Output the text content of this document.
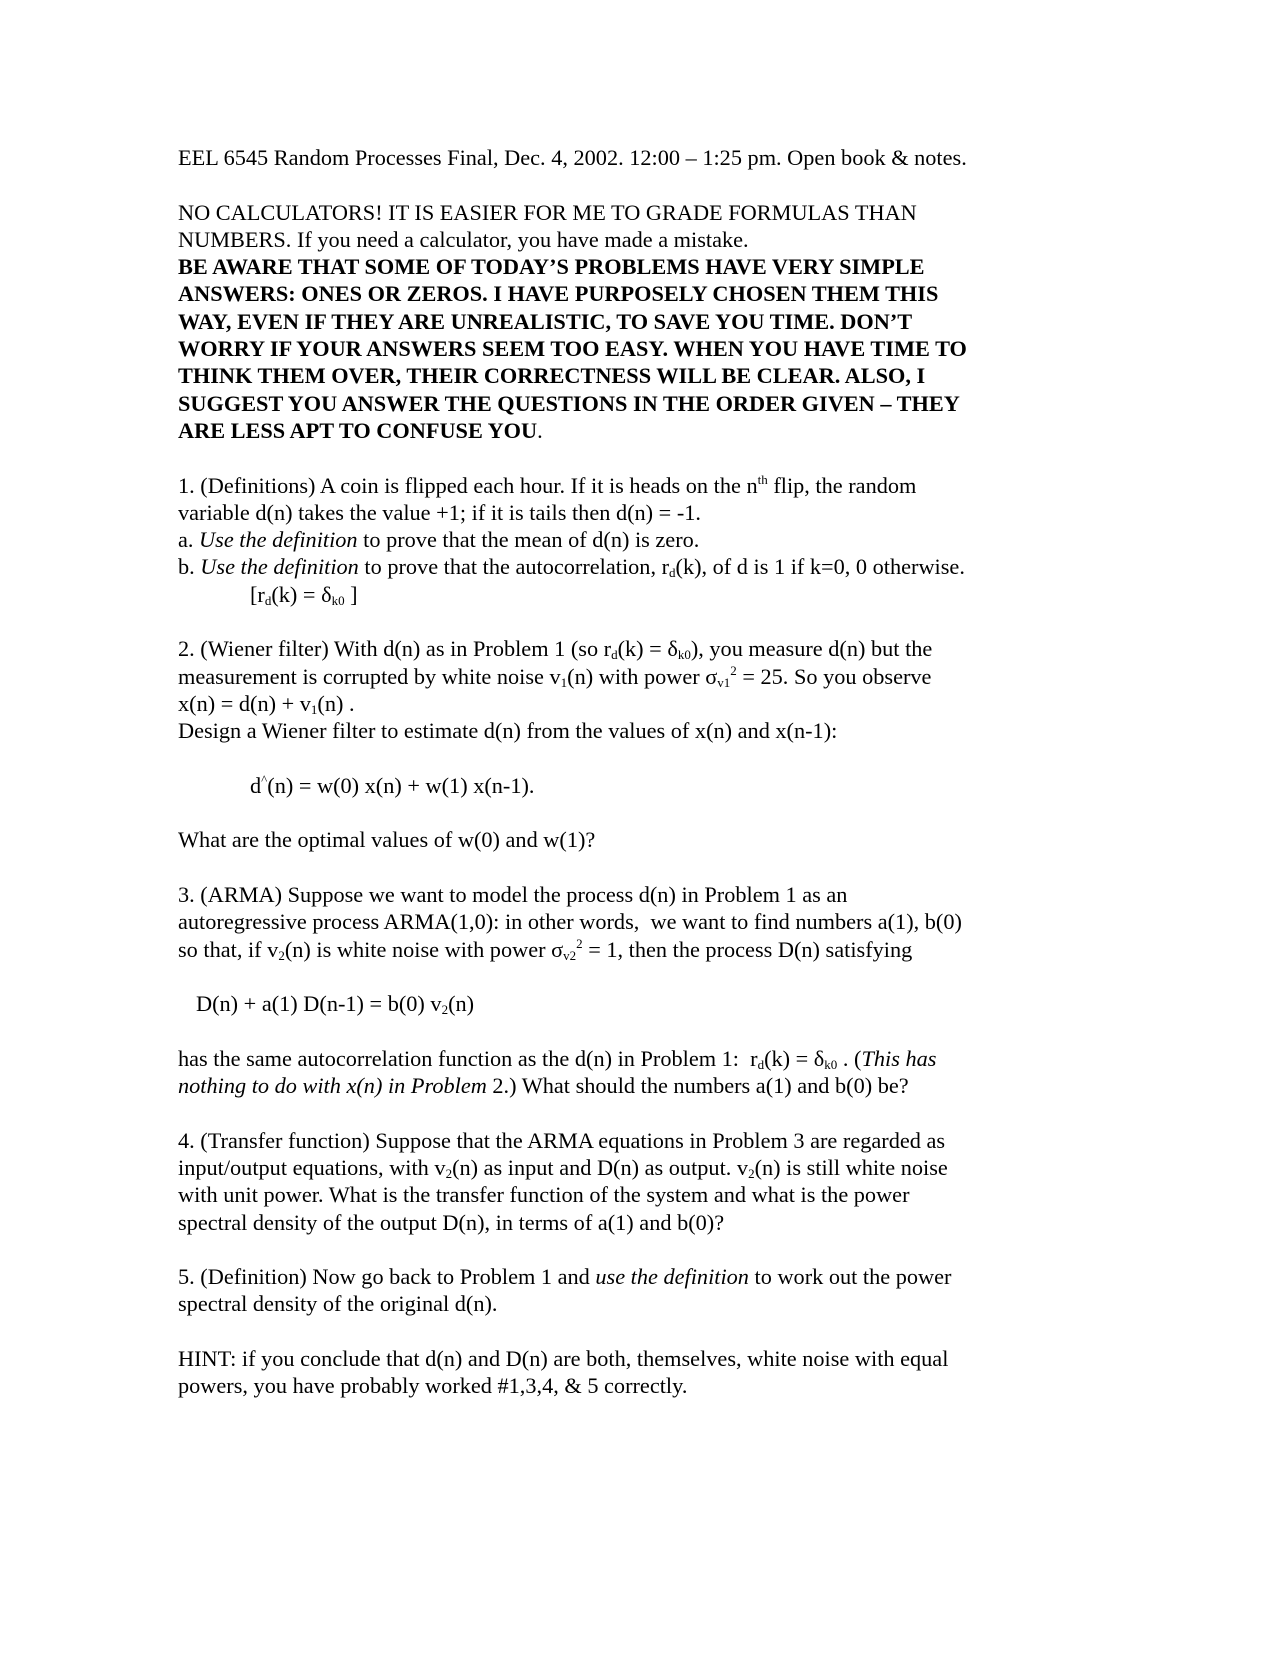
EEL 6545 Random Processes Final, Dec. 4, 2002. 12:00 – 1:25 pm. Open book & notes.
NO CALCULATORS! IT IS EASIER FOR ME TO GRADE FORMULAS THAN
NUMBERS. If you need a calculator, you have made a mistake.
BE AWARE THAT SOME OF TODAY’S PROBLEMS HAVE VERY SIMPLE
ANSWERS: ONES OR ZEROS. I HAVE PURPOSELY CHOSEN THEM THIS
WAY, EVEN IF THEY ARE UNREALISTIC, TO SAVE YOU TIME. DON’T
WORRY IF YOUR ANSWERS SEEM TOO EASY. WHEN YOU HAVE TIME TO
THINK THEM OVER, THEIR CORRECTNESS WILL BE CLEAR. ALSO, I
SUGGEST YOU ANSWER THE QUESTIONS IN THE ORDER GIVEN – THEY
ARE LESS APT TO CONFUSE YOU.
1. (Definitions) A coin is flipped each hour. If it is heads on the $n^{th}$ flip, the random
variable d(n) takes the value +1; if it is tails then d(n) = -1.
a. Use the definition to prove that the mean of d(n) is zero.
b. Use the definition to prove that the autocorrelation, $r_d(k)$, of d is 1 if k=0, 0 otherwise.
[$r_d(k) = \delta_{k0}$ ]
2. (Wiener filter) With d(n) as in Problem 1 (so $r_d(k) = \delta_{k0}$), you measure d(n) but the
measurement is corrupted by white noise $v_1(n)$ with power $\sigma_{v1}^2 = 25$. So you observe
$x(n) = d(n) + v_1(n)$ .
Design a Wiener filter to estimate d(n) from the values of x(n) and x(n-1):
d^(n) = w(0) x(n) + w(1) x(n-1).
What are the optimal values of w(0) and w(1)?
3. (ARMA) Suppose we want to model the process d(n) in Problem 1 as an
autoregressive process ARMA(1,0): in other words,  we want to find numbers a(1), b(0)
so that, if $v_2(n)$ is white noise with power $\sigma_{v2}^2 = 1$, then the process D(n) satisfying
D(n) + a(1) D(n-1) = b(0) $v_2(n)$
has the same autocorrelation function as the d(n) in Problem 1:  $r_d(k) = \delta_{k0}$ . (This has
nothing to do with x(n) in Problem 2.) What should the numbers a(1) and b(0) be?
4. (Transfer function) Suppose that the ARMA equations in Problem 3 are regarded as
input/output equations, with $v_2(n)$ as input and D(n) as output. $v_2(n)$ is still white noise
with unit power. What is the transfer function of the system and what is the power
spectral density of the output D(n), in terms of a(1) and b(0)?
5. (Definition) Now go back to Problem 1 and use the definition to work out the power
spectral density of the original d(n).
HINT: if you conclude that d(n) and D(n) are both, themselves, white noise with equal
powers, you have probably worked #1,3,4, & 5 correctly.
